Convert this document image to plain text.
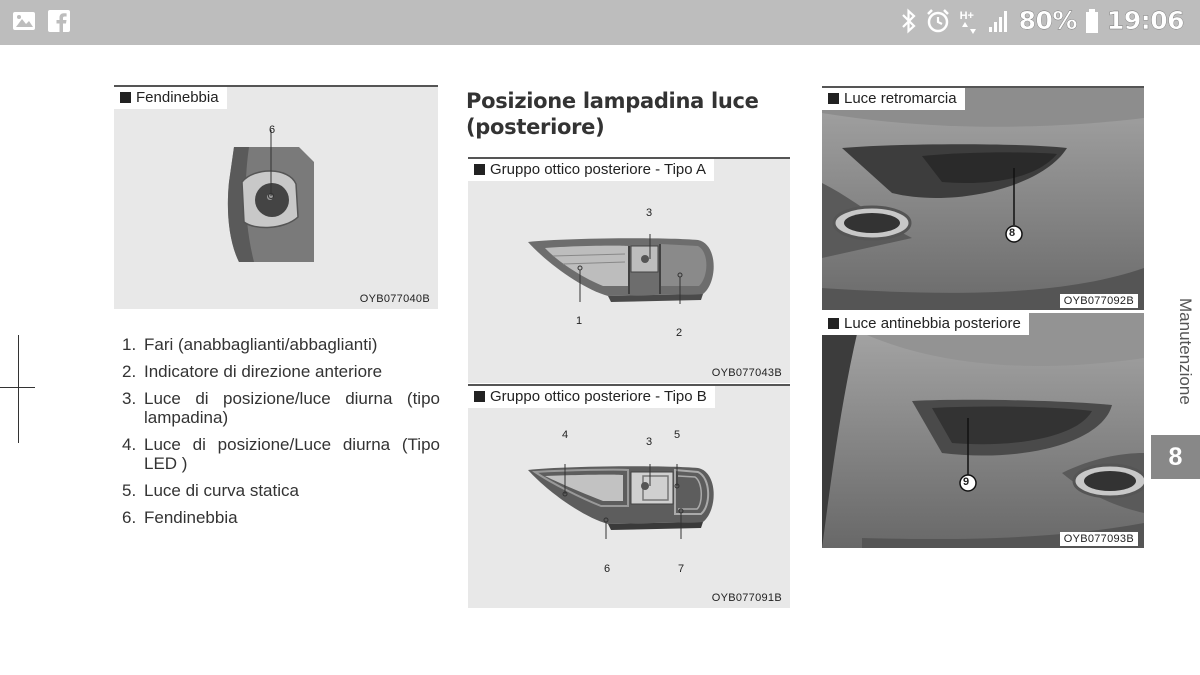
H+ 80% 19:06
Fendinebbia
6
OYB077040B
1. Fari (anabbaglianti/abbaglianti)
2. Indicatore di direzione anteriore
3. Luce di posizione/luce diurna (tipo lampadina)
4. Luce di posizione/Luce diurna (Tipo LED )
5. Luce di curva statica
6. Fendinebbia
Posizione lampadina luce
(posteriore)
Gruppo ottico posteriore - Tipo A
3
1
2
OYB077043B
Gruppo ottico posteriore - Tipo B
4
3
5
6	7
OYB077091B
8
Luce retromarcia
OYB077092B
9
Luce antinebbia posteriore
OYB077093B
Manutenzione
8
